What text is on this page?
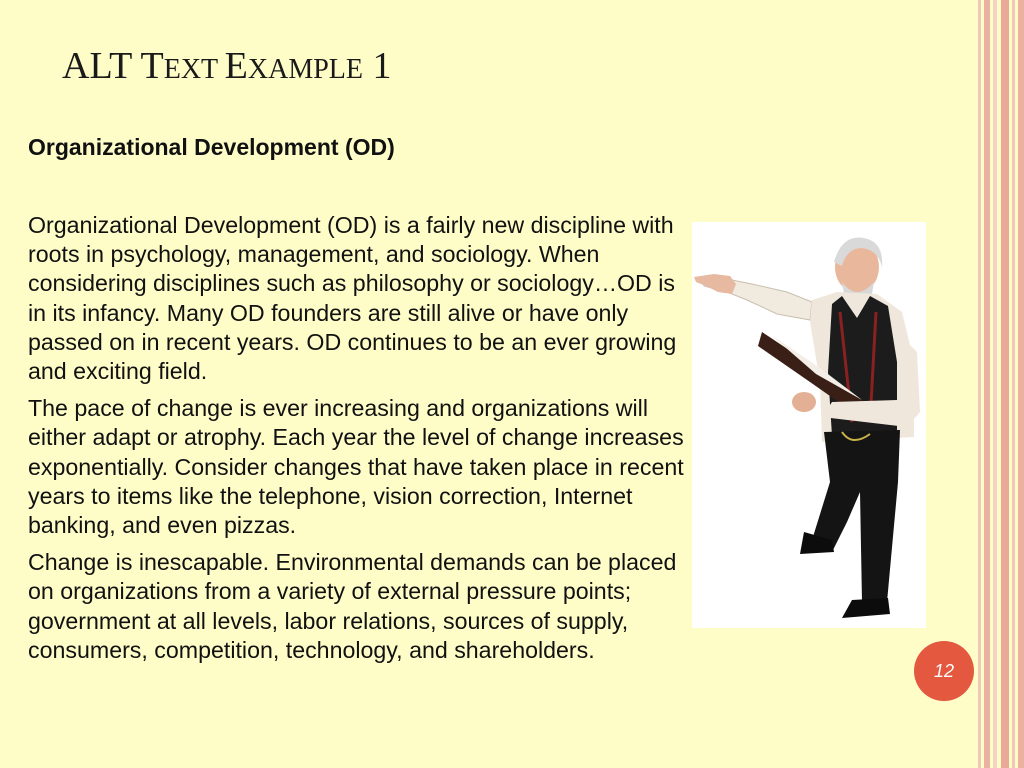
ALT TEXT EXAMPLE 1
Organizational Development (OD)

Organizational Development (OD) is a fairly new discipline with roots in psychology, management, and sociology. When considering disciplines such as philosophy or sociology…OD is in its infancy. Many OD founders are still alive or have only passed on in recent years. OD continues to be an ever growing and exciting field.

The pace of change is ever increasing and organizations will either adapt or atrophy. Each year the level of change increases exponentially. Consider changes that have taken place in recent years to items like the telephone, vision correction, Internet banking, and even pizzas.

Change is inescapable. Environmental demands can be placed on organizations from a variety of external pressure points; government at all levels, labor relations, sources of supply, consumers, competition, technology, and shareholders.

12
